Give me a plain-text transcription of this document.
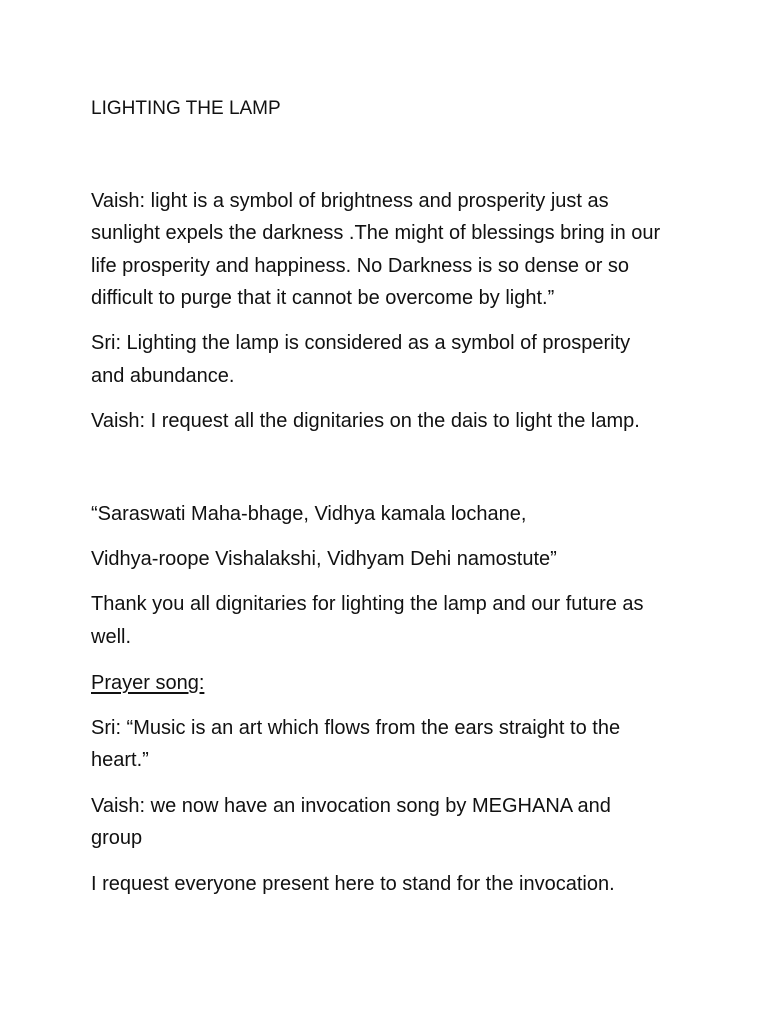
LIGHTING THE LAMP

Vaish: light is a symbol of brightness and prosperity just as

sunlight expels the darkness .The might of blessings bring in our

life prosperity and happiness. No Darkness is so dense or so

difficult to purge that it cannot be overcome by light.”

Sri: Lighting the lamp is considered as a symbol of prosperity

and abundance.

Vaish: I request all the dignitaries on the dais to light the lamp.

“Saraswati Maha-bhage, Vidhya kamala lochane,

Vidhya-roope Vishalakshi, Vidhyam Dehi namostute”

Thank you all dignitaries for lighting the lamp and our future as

well.

Prayer song:

Sri: “Music is an art which flows from the ears straight to the

heart.”

Vaish: we now have an invocation song by MEGHANA and

group

I request everyone present here to stand for the invocation.
